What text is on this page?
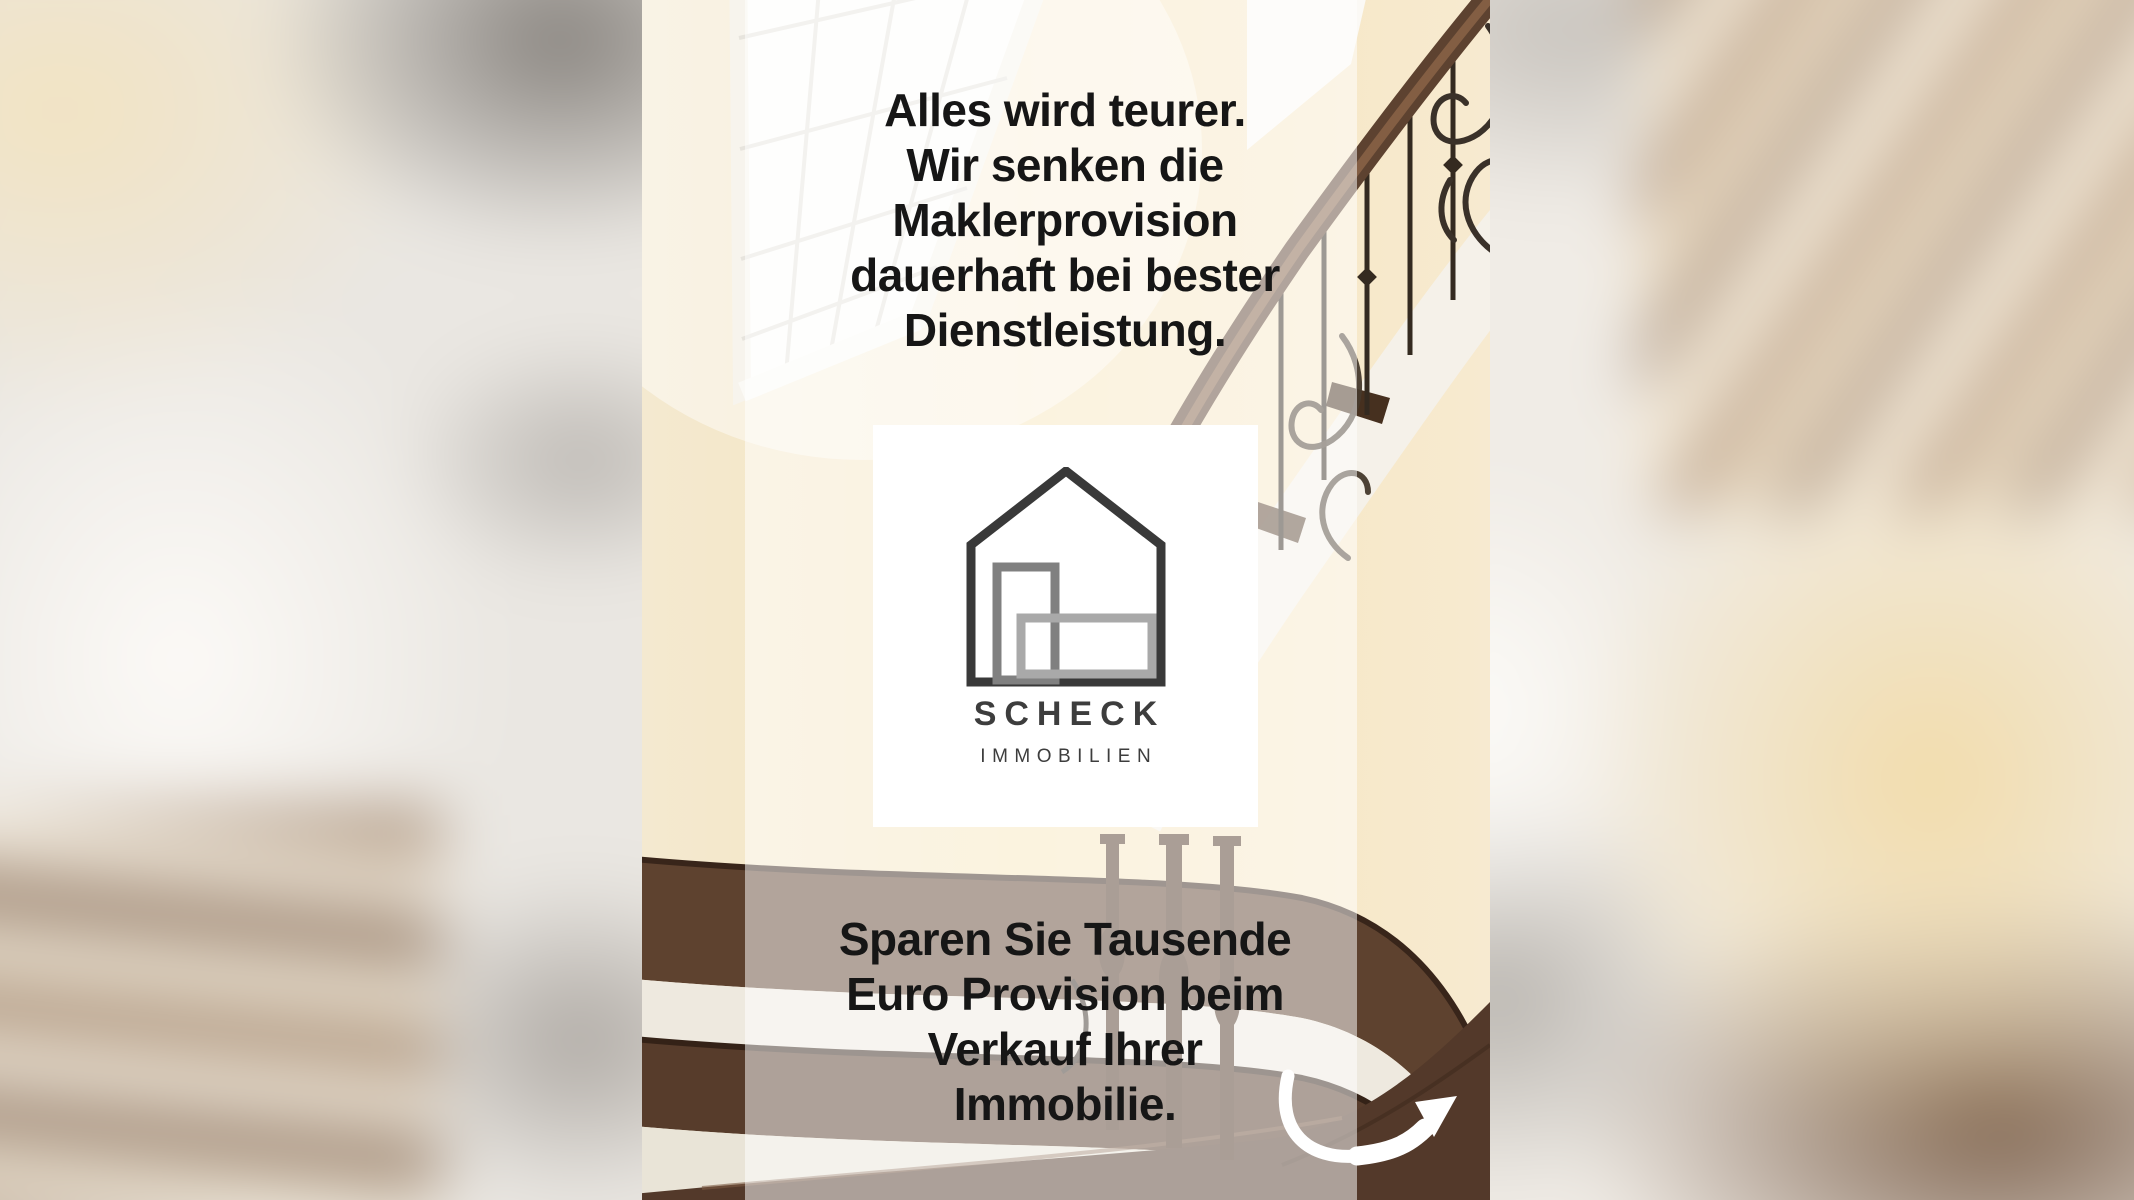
Alles wird teurer.
Wir senken die
Maklerprovision
dauerhaft bei bester
Dienstleistung.
SCHECK
IMMOBILIEN
Sparen Sie Tausende
Euro Provision beim
Verkauf Ihrer
Immobilie.
